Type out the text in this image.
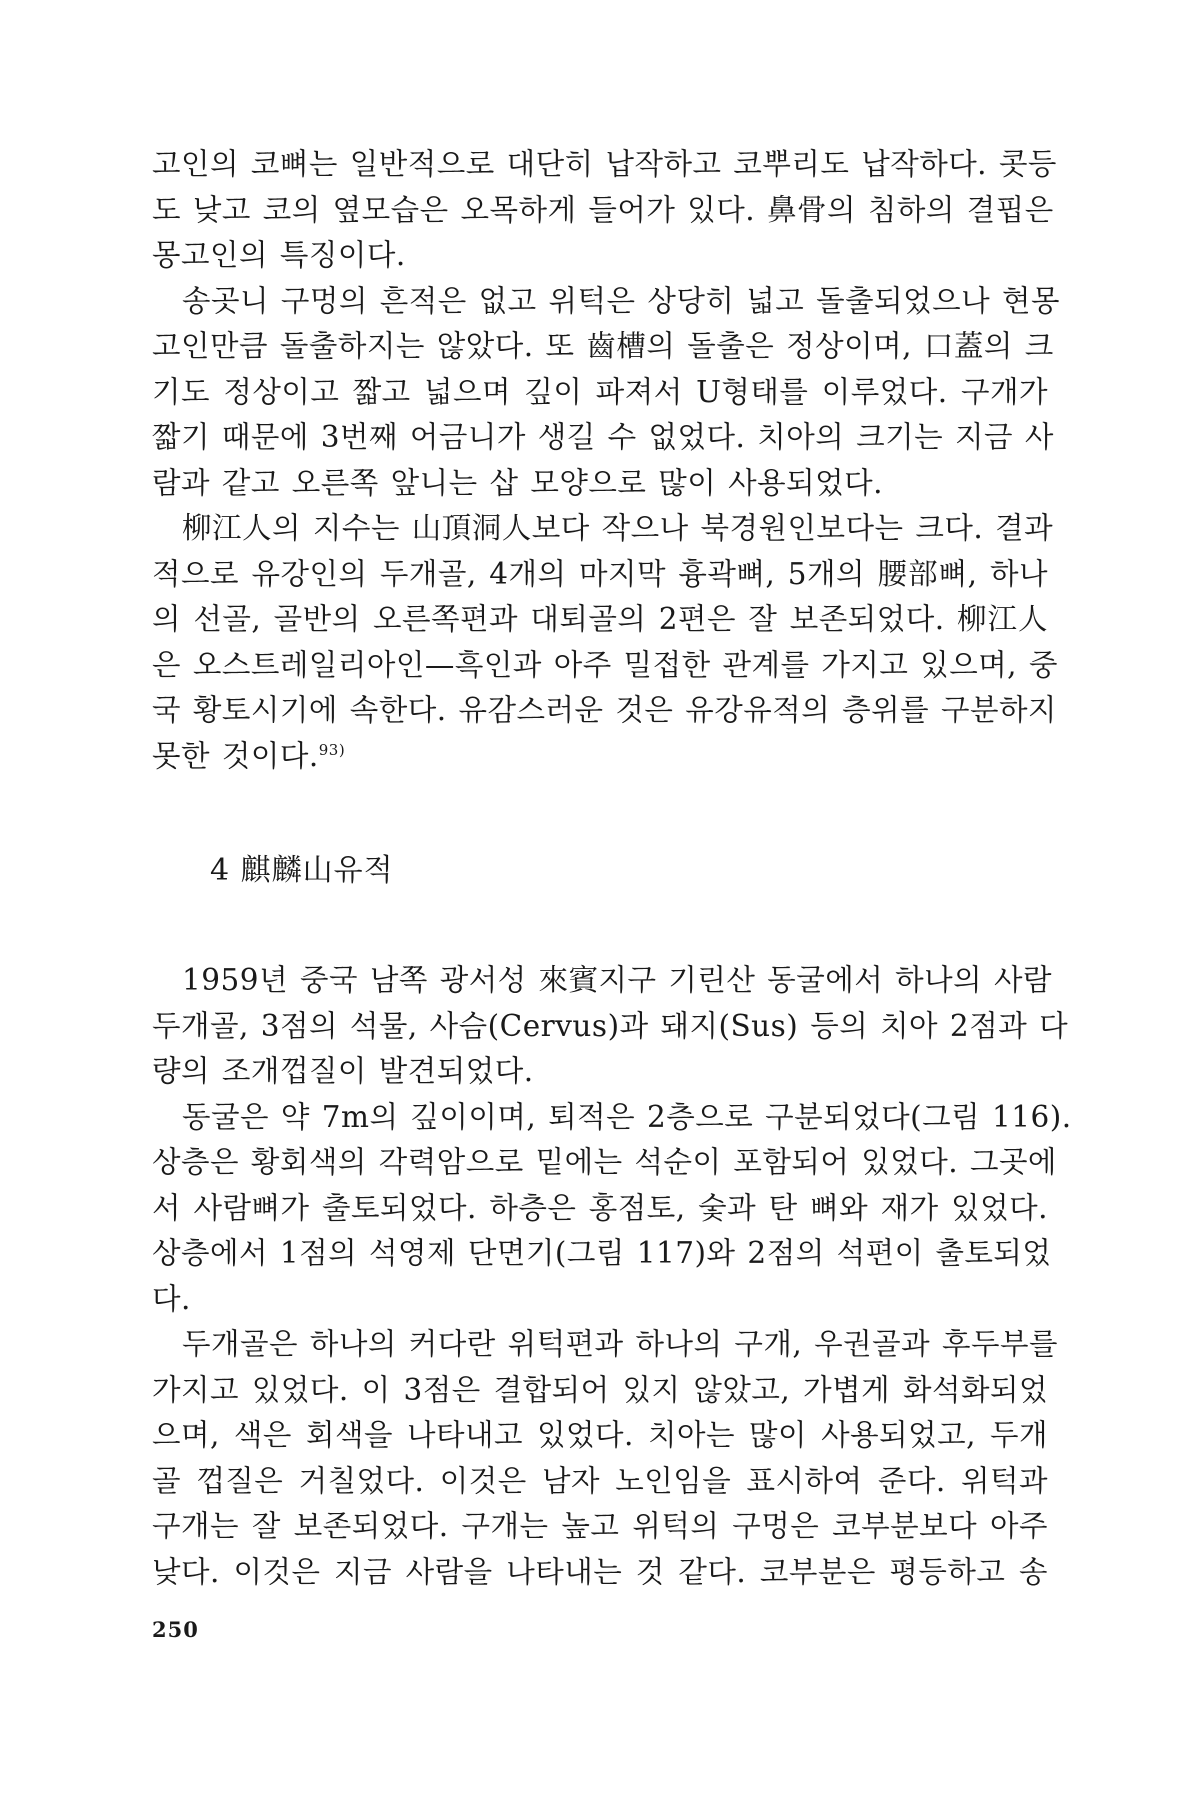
고인의 코뼈는 일반적으로 대단히 납작하고 코뿌리도 납작하다. 콧등
도 낮고 코의 옆모습은 오목하게 들어가 있다. 鼻骨의 침하의 결핍은
몽고인의 특징이다.

송곳니 구멍의 흔적은 없고 위턱은 상당히 넓고 돌출되었으나 현몽
고인만큼 돌출하지는 않았다. 또 齒槽의 돌출은 정상이며, 口蓋의 크
기도 정상이고 짧고 넓으며 깊이 파져서 U형태를 이루었다. 구개가
짧기 때문에 3번째 어금니가 생길 수 없었다. 치아의 크기는 지금 사
람과 같고 오른쪽 앞니는 삽 모양으로 많이 사용되었다.

柳江人의 지수는 山頂洞人보다 작으나 북경원인보다는 크다. 결과
적으로 유강인의 두개골, 4개의 마지막 흉곽뼈, 5개의 腰部뼈, 하나
의 선골, 골반의 오른쪽편과 대퇴골의 2편은 잘 보존되었다. 柳江人
은 오스트레일리아인—흑인과 아주 밀접한 관계를 가지고 있으며, 중
국 황토시기에 속한다. 유감스러운 것은 유강유적의 층위를 구분하지
못한 것이다.$^{93)}$

4 麒麟山유적

1959년 중국 남쪽 광서성 來賓지구 기린산 동굴에서 하나의 사람
두개골, 3점의 석물, 사슴(Cervus)과 돼지(Sus) 등의 치아 2점과 다
량의 조개껍질이 발견되었다.

동굴은 약 7m의 깊이이며, 퇴적은 2층으로 구분되었다(그림 116).
상층은 황회색의 각력암으로 밑에는 석순이 포함되어 있었다. 그곳에
서 사람뼈가 출토되었다. 하층은 홍점토, 숯과 탄 뼈와 재가 있었다.
상층에서 1점의 석영제 단면기(그림 117)와 2점의 석편이 출토되었
다.

두개골은 하나의 커다란 위턱편과 하나의 구개, 우권골과 후두부를
가지고 있었다. 이 3점은 결합되어 있지 않았고, 가볍게 화석화되었
으며, 색은 회색을 나타내고 있었다. 치아는 많이 사용되었고, 두개
골 껍질은 거칠었다. 이것은 남자 노인임을 표시하여 준다. 위턱과
구개는 잘 보존되었다. 구개는 높고 위턱의 구멍은 코부분보다 아주
낮다. 이것은 지금 사람을 나타내는 것 같다. 코부분은 평등하고 송

250
